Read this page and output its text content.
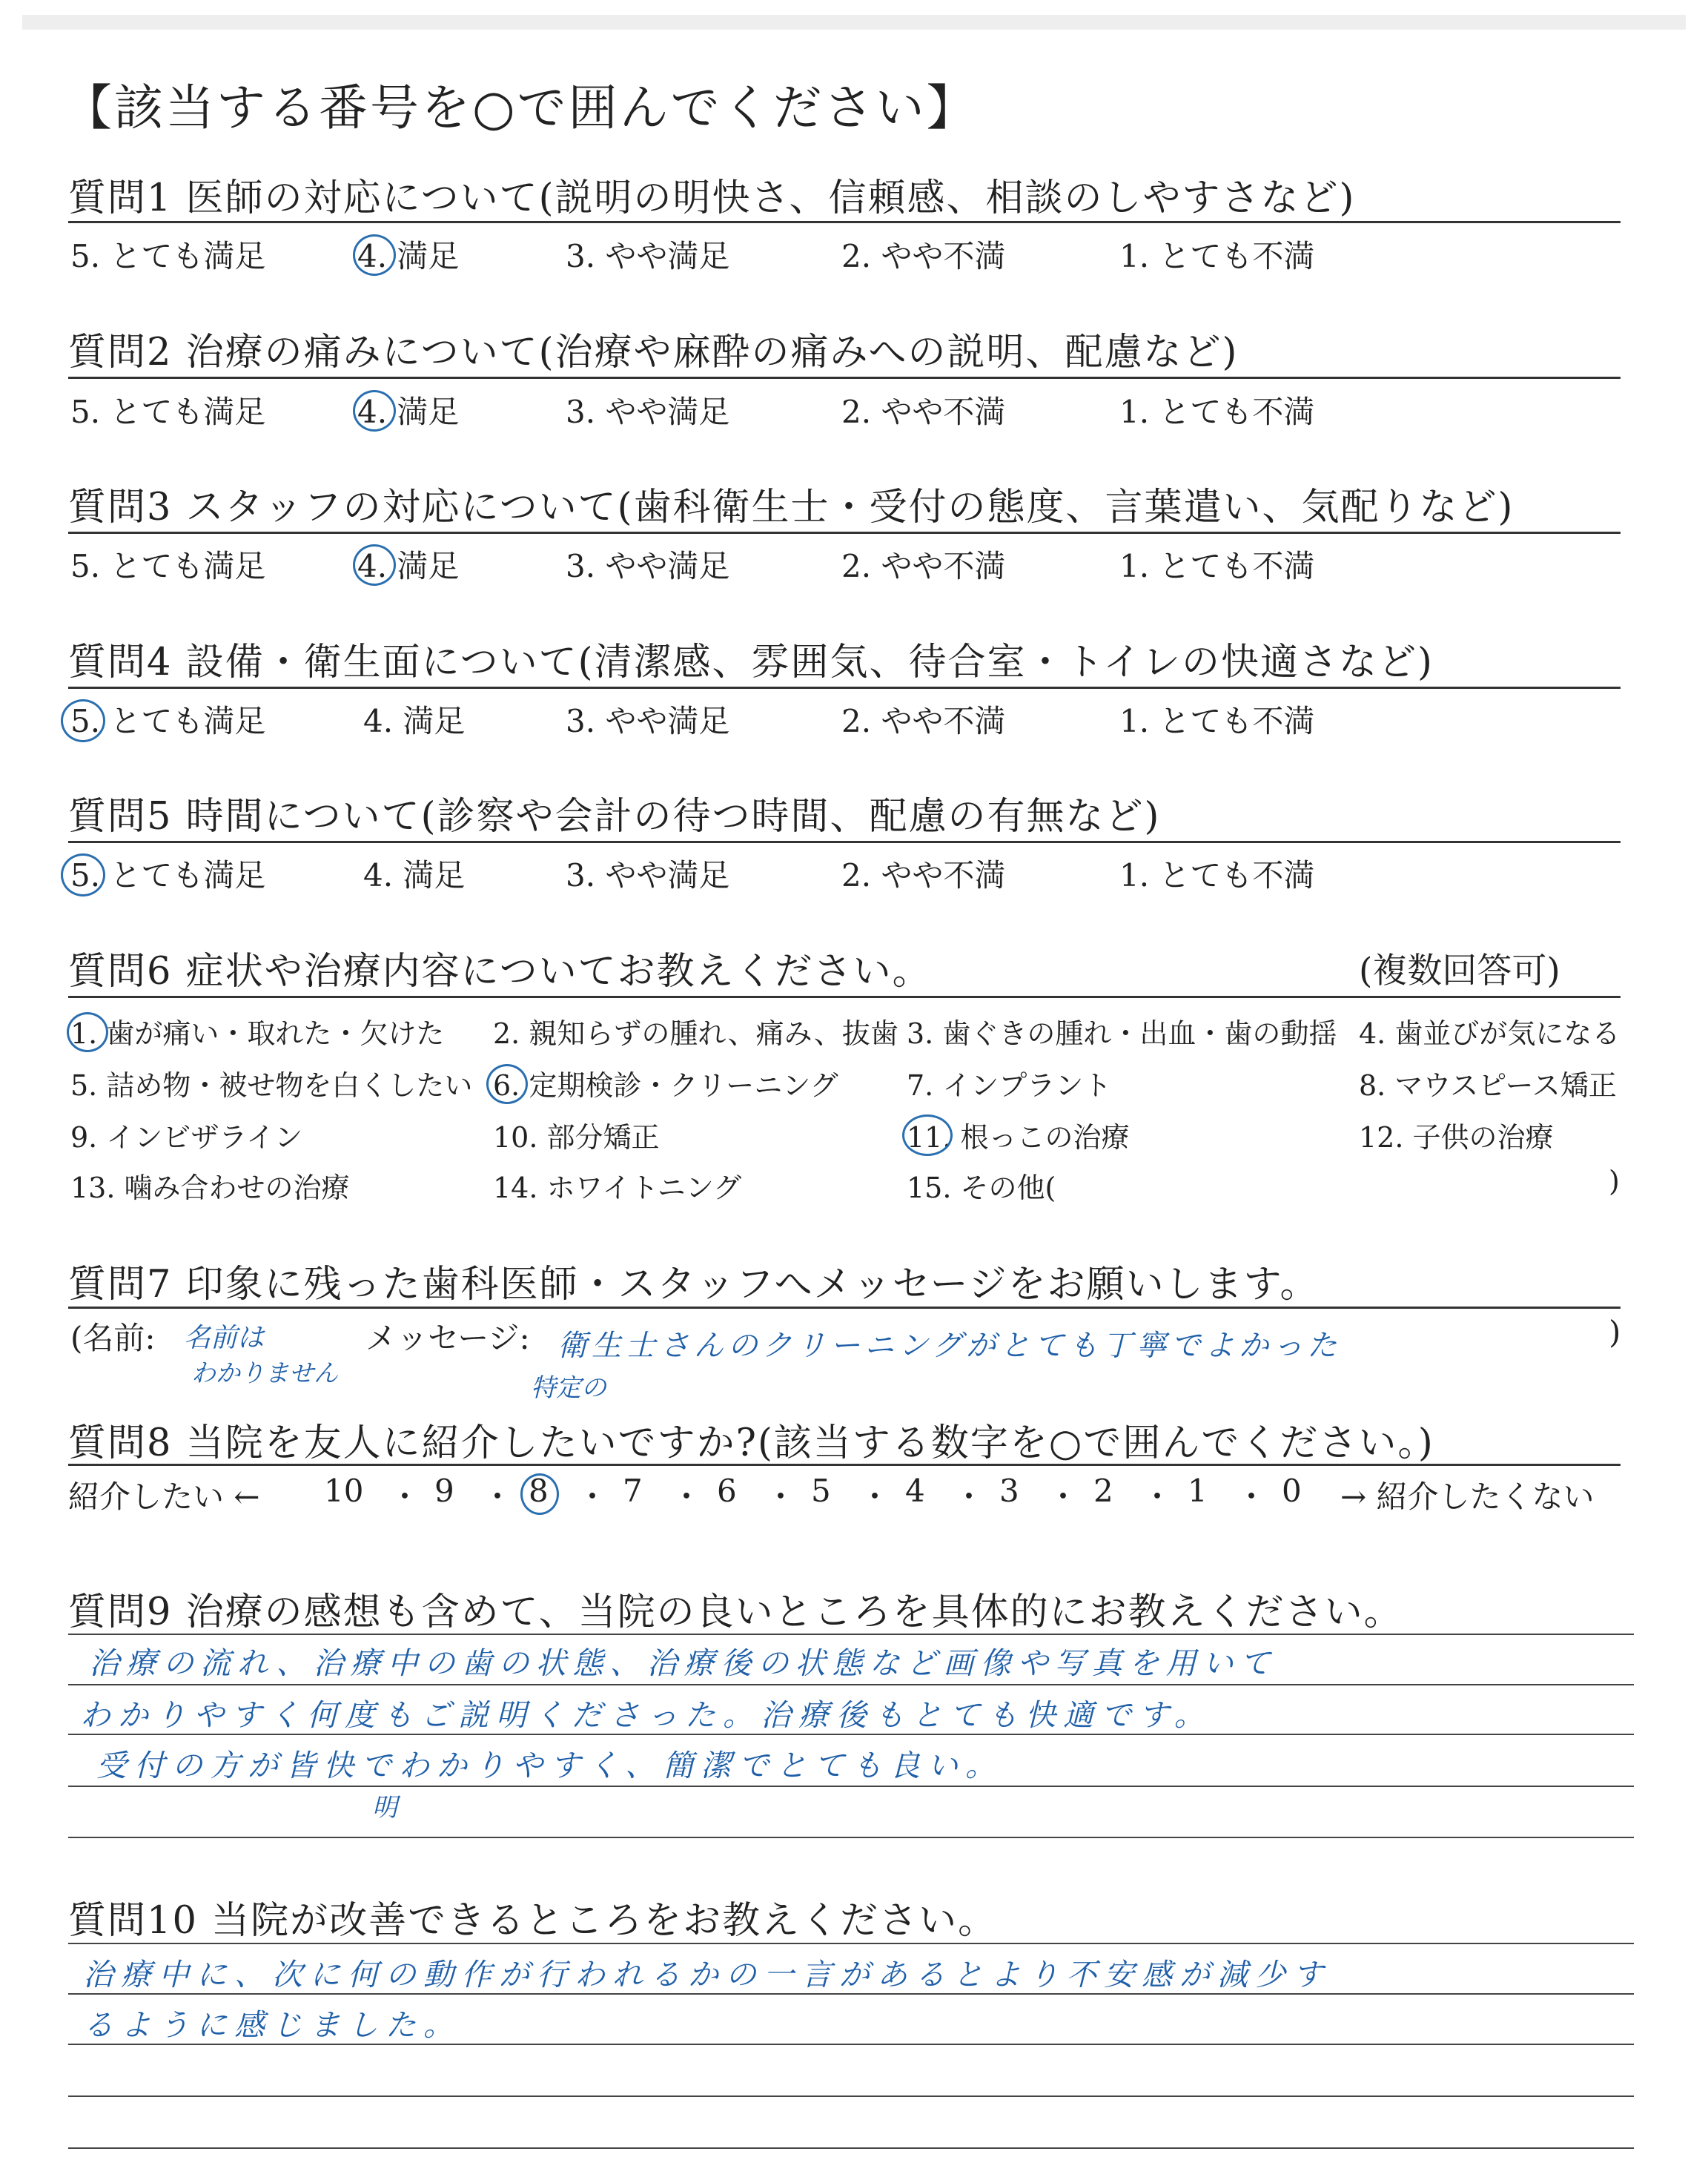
【該当する番号を○で囲んでください】
質問1 医師の対応について(説明の明快さ、信頼感、相談のしやすさなど)
5. とても満足	4. 満足	3. やや満足	2. やや不満	1. とても不満
質問2 治療の痛みについて(治療や麻酔の痛みへの説明、配慮など)
5. とても満足	4. 満足	3. やや満足	2. やや不満	1. とても不満
質問3 スタッフの対応について(歯科衛生士・受付の態度、言葉遣い、気配りなど)
5. とても満足	4. 満足	3. やや満足	2. やや不満	1. とても不満
質問4 設備・衛生面について(清潔感、雰囲気、待合室・トイレの快適さなど)
5. とても満足	4. 満足	3. やや満足	2. やや不満	1. とても不満
質問5 時間について(診察や会計の待つ時間、配慮の有無など)
5. とても満足	4. 満足	3. やや満足	2. やや不満	1. とても不満
質問6 症状や治療内容についてお教えください。	(複数回答可)
1. 歯が痛い・取れた・欠けた 2. 親知らずの腫れ、痛み、抜歯 3. 歯ぐきの腫れ・出血・歯の動揺 4. 歯並びが気になる
5. 詰め物・被せ物を白くしたい 6. 定期検診・クリーニング 7. インプラント	8. マウスピース矯正
9. インビザライン	10. 部分矯正	11. 根っこの治療	12. 子供の治療
13. 噛み合わせの治療	14. ホワイトニング	15. その他(	)
質問7 印象に残った歯科医師・スタッフへメッセージをお願いします。
(名前: 名前は
わかりません
メッセージ: 衛生士さんのクリーニングがとても丁寧でよかった
特定の
)
質問8 当院を友人に紹介したいですか?(該当する数字を○で囲んでください。)
紹介したい ←	→ 紹介したくない
10 ・ 9 ・ 8 ・ 7 ・ 6 ・ 5 ・ 4 ・ 3 ・ 2 ・ 1 ・ 0
質問9 治療の感想も含めて、当院の良いところを具体的にお教えください。
治療の流れ、治療中の歯の状態、治療後の状態など画像や写真を用いて
わかりやすく何度もご説明くださった。治療後もとても快適です。
受付の方が皆快でわかりやすく、簡潔でとても良い。
明
質問10 当院が改善できるところをお教えください。
治療中に、次に何の動作が行われるかの一言があるとより不安感が減少す
るように感じました。
